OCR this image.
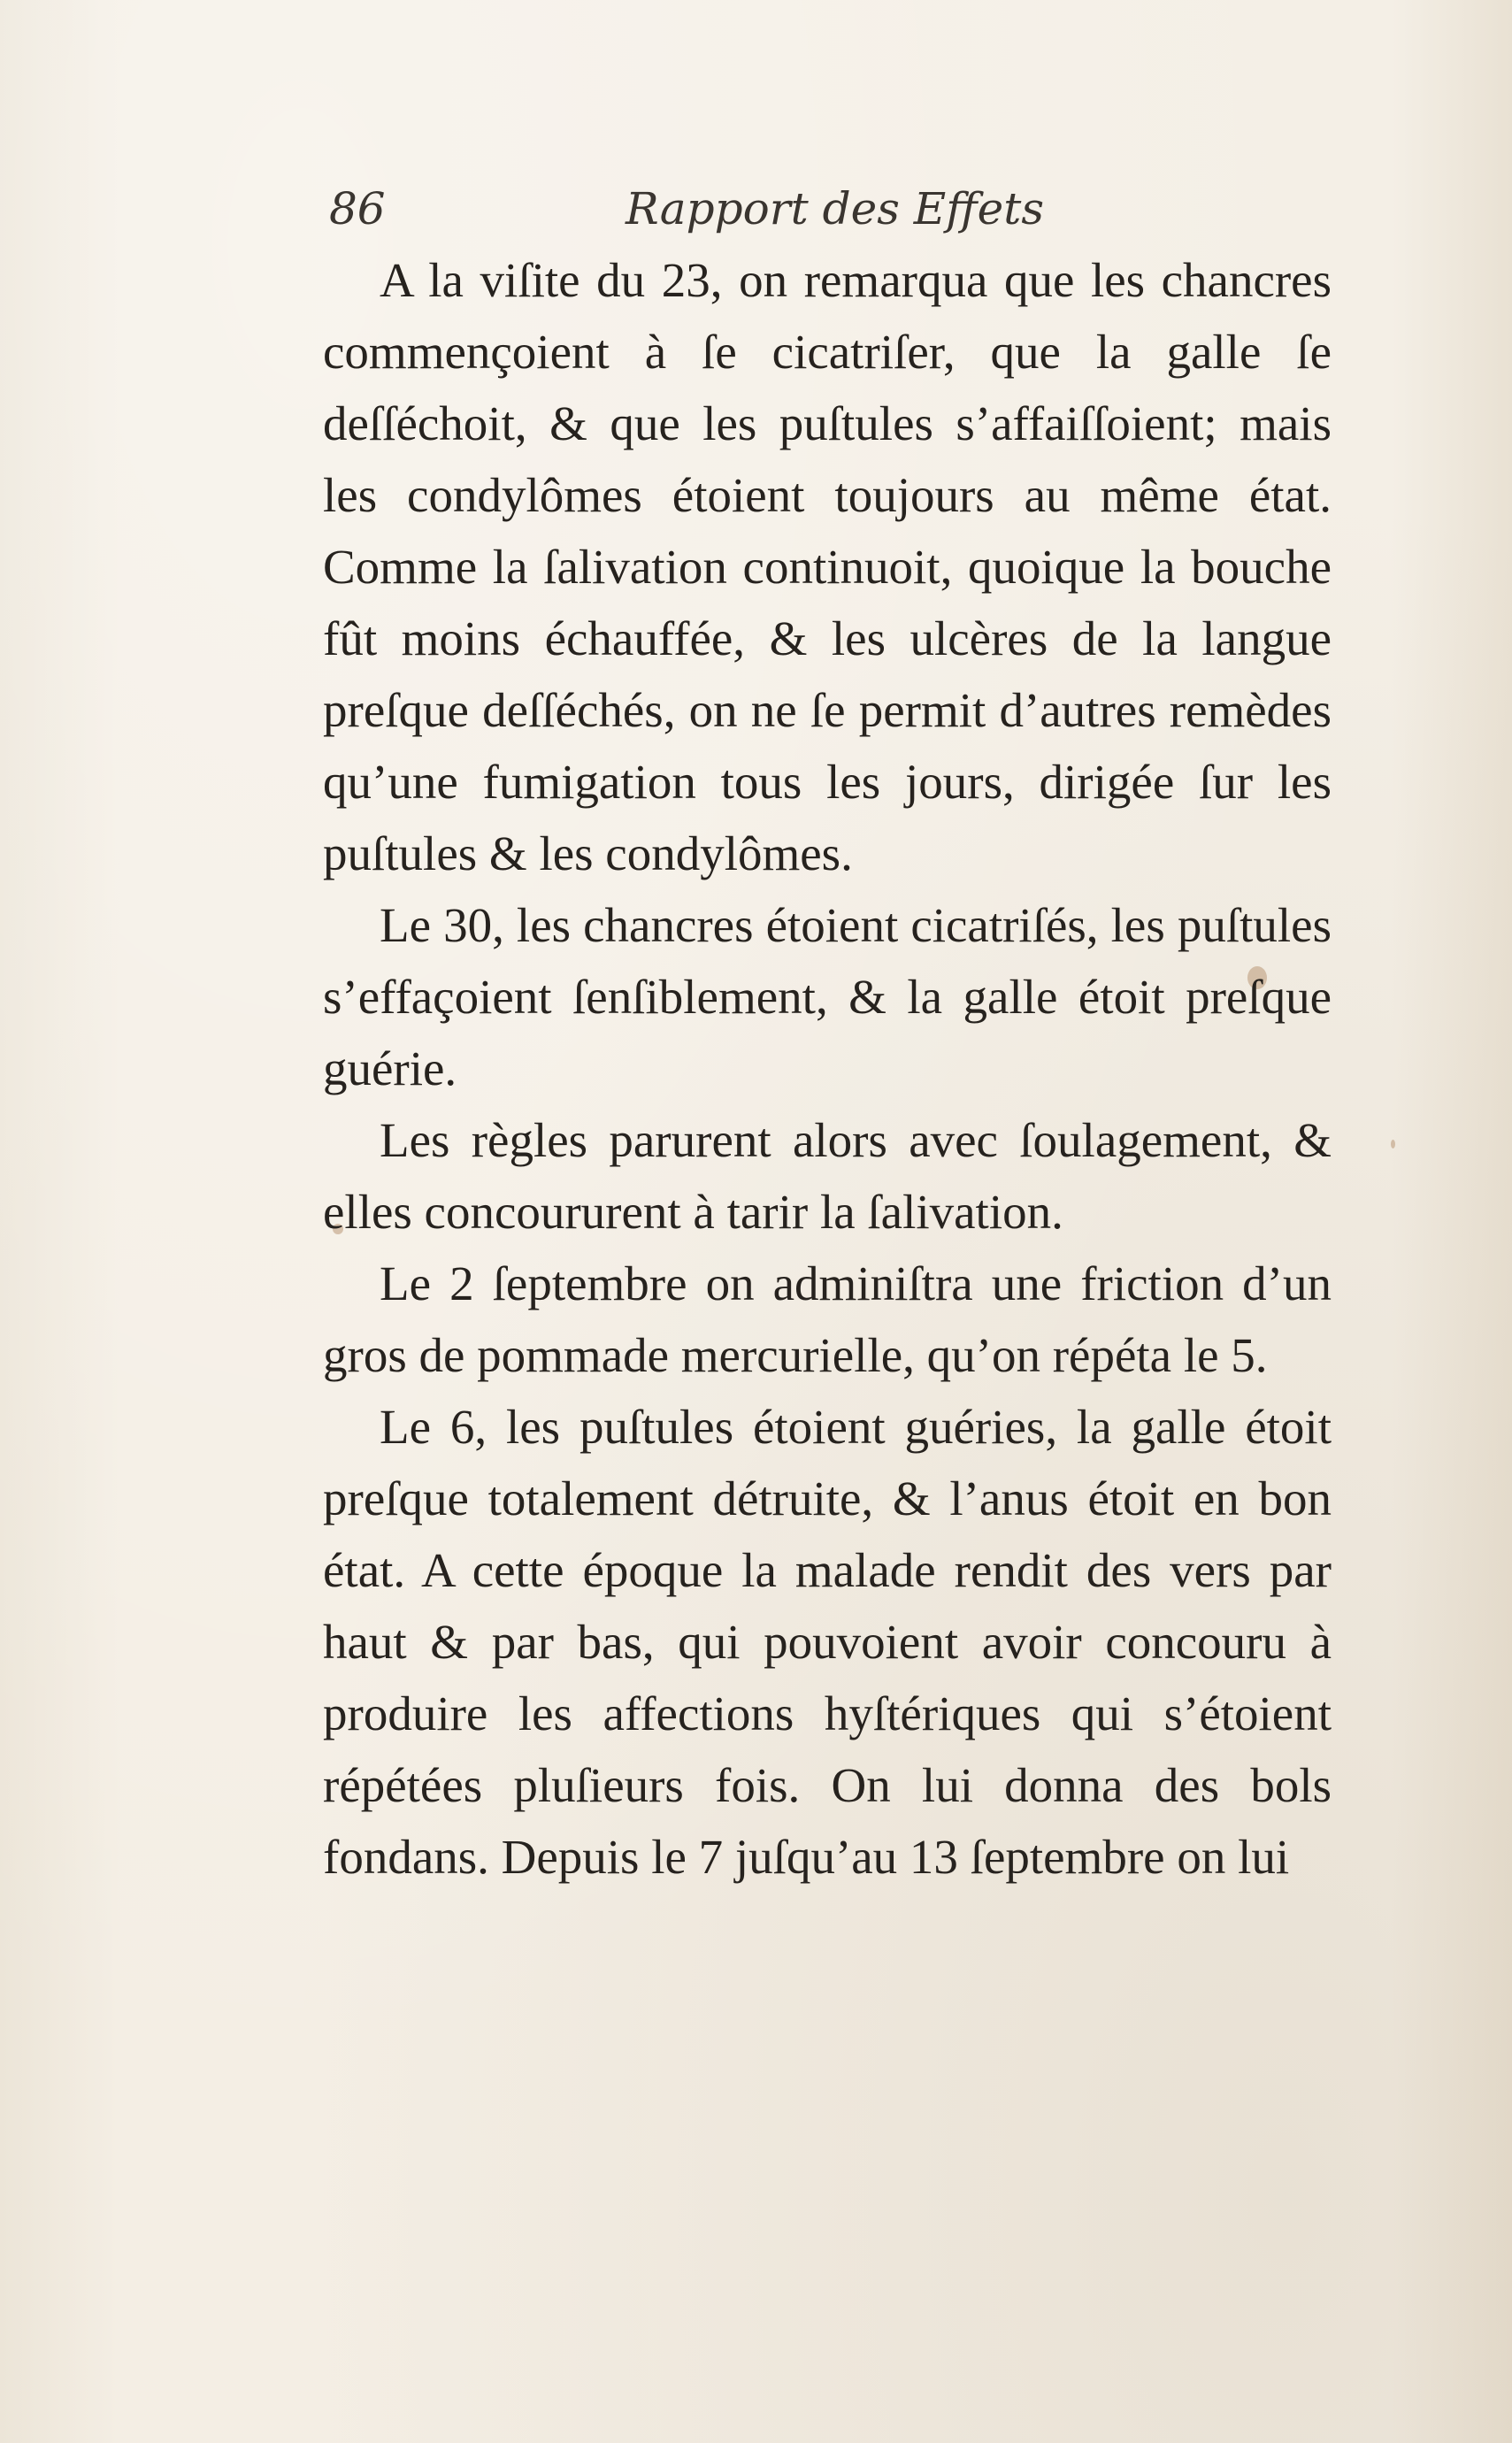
86	Rapport des Effets

A la viſite du 23, on remarqua que les chancres commençoient à ſe cicatriſer, que la galle ſe deſſéchoit, & que les puſtules s’affaiſſoient; mais les condylômes étoient toujours au même état. Comme la ſalivation continuoit, quoique la bouche fût moins échauffée, & les ulcères de la langue preſque deſſéchés, on ne ſe permit d’autres remèdes qu’une fumigation tous les jours, dirigée ſur les puſtules & les condylômes.

Le 30, les chancres étoient cicatriſés, les puſtules s’effaçoient ſenſiblement, & la galle étoit preſque guérie.

Les règles parurent alors avec ſoulagement, & elles concoururent à tarir la ſalivation.

Le 2 ſeptembre on adminiſtra une friction d’un gros de pommade mercurielle, qu’on répéta le 5.

Le 6, les puſtules étoient guéries, la galle étoit preſque totalement détruite, & l’anus étoit en bon état. A cette époque la malade rendit des vers par haut & par bas, qui pouvoient avoir concouru à produire les affections hyſtériques qui s’étoient répétées pluſieurs fois. On lui donna des bols fondans. Depuis le 7 juſqu’au 13 ſeptembre on lui
